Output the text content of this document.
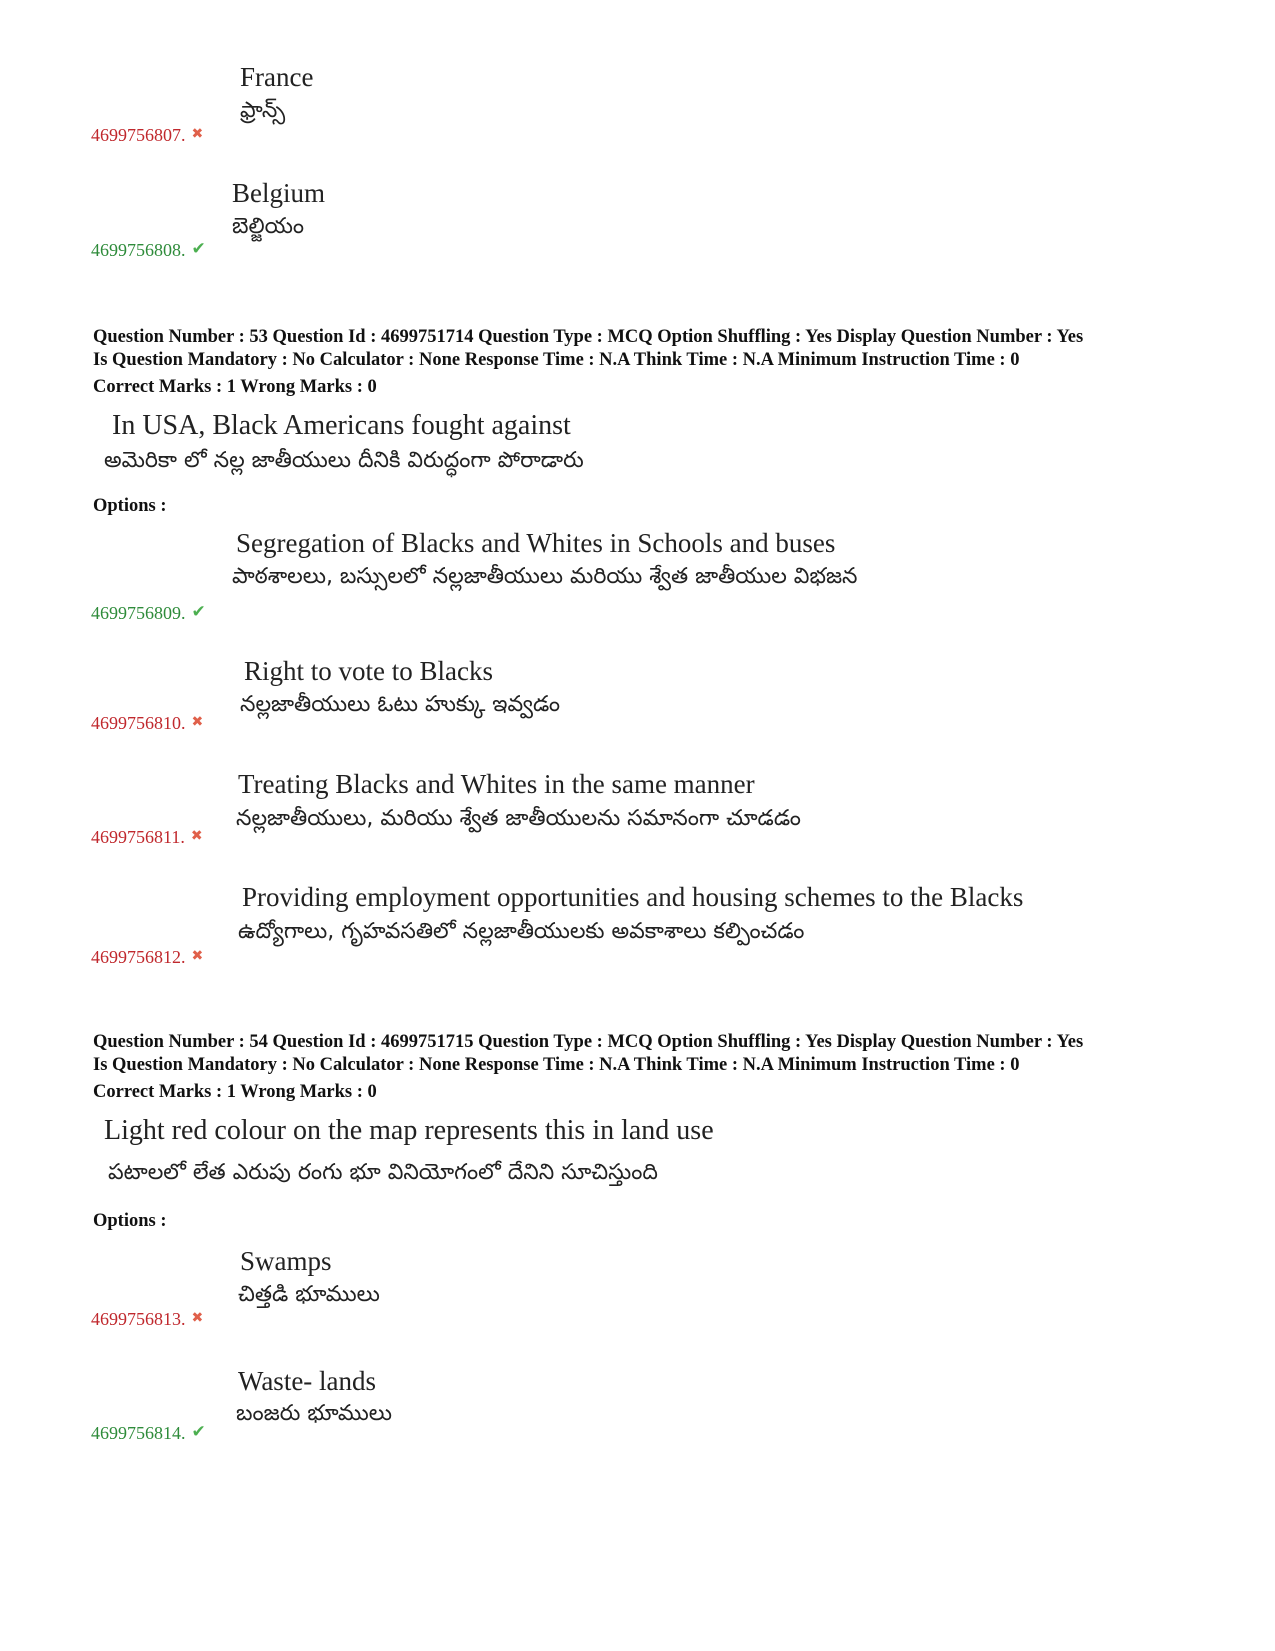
France
ఫ్రాన్స్
4699756807. ✖
Belgium
బెల్జియం
4699756808. ✔
Question Number : 53 Question Id : 4699751714 Question Type : MCQ Option Shuffling : Yes Display Question Number : Yes
Is Question Mandatory : No Calculator : None Response Time : N.A Think Time : N.A Minimum Instruction Time : 0
Correct Marks : 1 Wrong Marks : 0
In USA, Black Americans fought against
అమెరికా లో నల్ల జాతీయులు దీనికి విరుద్ధంగా పోరాడారు
Options :
Segregation of Blacks and Whites in Schools and buses
పాఠశాలలు, బస్సులలో నల్లజాతీయులు మరియు శ్వేత జాతీయుల విభజన
4699756809. ✔
Right to vote to Blacks
నల్లజాతీయులు ఓటు హుక్కు ఇవ్వడం
4699756810. ✖
Treating Blacks and Whites in the same manner
నల్లజాతీయులు, మరియు శ్వేత జాతీయులను సమానంగా చూడడం
4699756811. ✖
Providing employment opportunities and housing schemes to the Blacks
ఉద్యోగాలు, గృహవసతిలో నల్లజాతీయులకు అవకాశాలు కల్పించడం
4699756812. ✖
Question Number : 54 Question Id : 4699751715 Question Type : MCQ Option Shuffling : Yes Display Question Number : Yes
Is Question Mandatory : No Calculator : None Response Time : N.A Think Time : N.A Minimum Instruction Time : 0
Correct Marks : 1 Wrong Marks : 0
Light red colour on the map represents this in land use
పటాలలో లేత ఎరుపు రంగు భూ వినియోగంలో దేనిని సూచిస్తుంది
Options :
Swamps
చిత్తడి భూములు
4699756813. ✖
Waste- lands
బంజరు భూములు
4699756814. ✔
